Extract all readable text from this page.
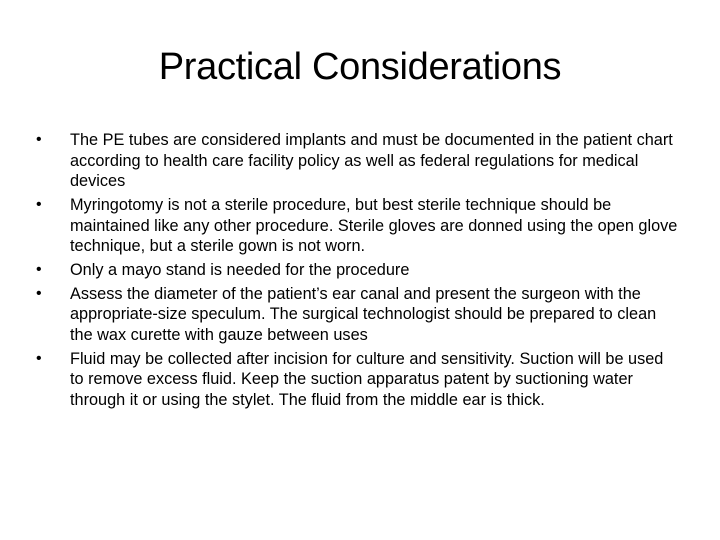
Practical Considerations
•	The PE tubes are considered implants and must be documented in the patient chart according to health care facility policy as well as federal regulations for medical devices
•	Myringotomy is not a sterile procedure, but best sterile technique should be maintained like any other procedure. Sterile gloves are donned using the open glove technique, but a sterile gown is not worn.
•	Only a mayo stand is needed for the procedure
•	Assess the diameter of the patient’s ear canal and present the surgeon with the appropriate-size speculum. The surgical technologist should be prepared to clean the wax curette with gauze between uses
•	Fluid may be collected after incision for culture and sensitivity. Suction will be used to remove excess fluid. Keep the suction apparatus patent by suctioning water through it or using the stylet. The fluid from the middle ear is thick.
